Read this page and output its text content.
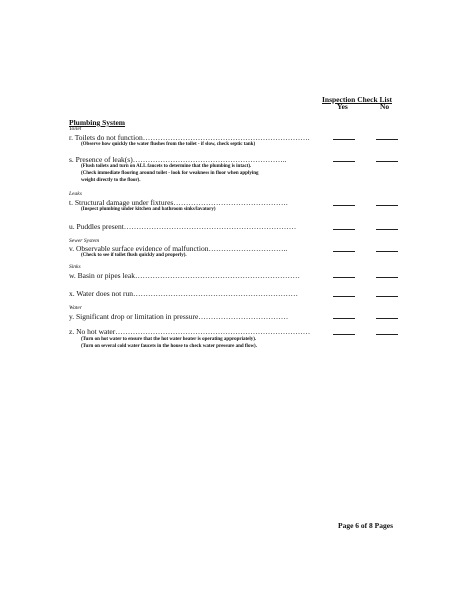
Inspection Check List
Yes	No
Plumbing System
Toilet
r. Toilets do not function………………………………………………………….
(Observe how quickly the water flushes from the toilet - if slow, check septic tank)
s. Presence of leak(s)……………………………………………………..
(Flush toilets and turn on ALL faucets to determine that the plumbing is intact).
(Check immediate flooring around toilet - look for weakness in floor when applying
weight directly to the floor).
Leaks
t. Structural damage under fixtures……………………………………….
(Inspect plumbing under kitchen and bathroom sinks/lavatory)
u. Puddles present……………………………………………………………
Sewer System
v. Observable surface evidence of malfunction…………………………..
(Check to see if toilet flush quickly and properly).
Sinks
w. Basin or pipes leak…………………………………………………………
x. Water does not run…………………………………………………………
Water
y. Significant drop or limitation in pressure………………………………
z. No hot water……………………………………………………………………
(Turn on hot water to ensure that the hot water heater is operating appropriately).
(Turn on several cold water faucets in the house to check water pressure and flow).
Page 6 of 8 Pages
